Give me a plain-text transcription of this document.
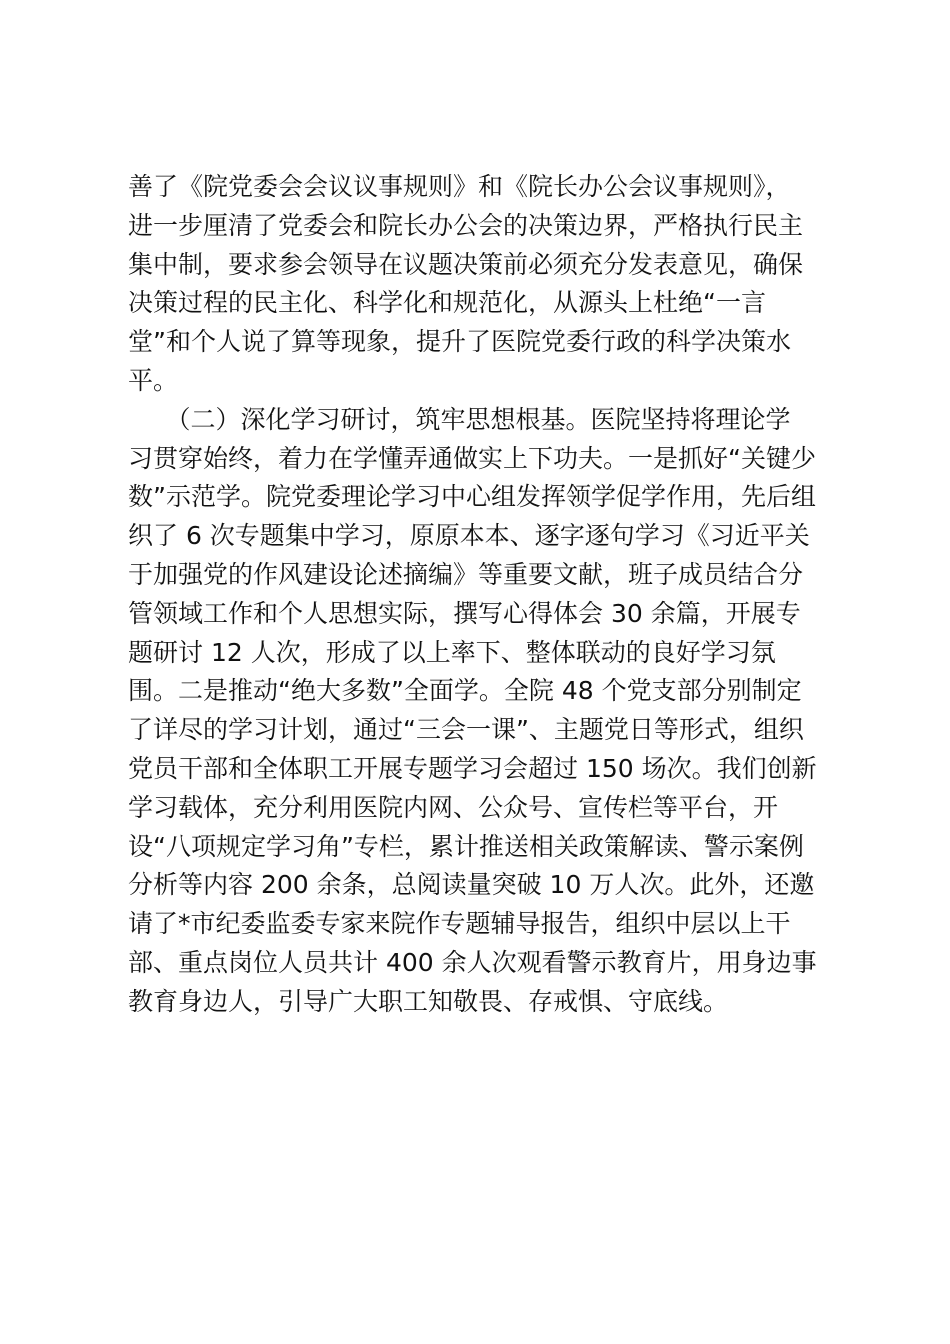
善了《院党委会会议议事规则》和《院长办公会议事规则》，
进一步厘清了党委会和院长办公会的决策边界，严格执行民主
集中制，要求参会领导在议题决策前必须充分发表意见，确保
决策过程的民主化、科学化和规范化，从源头上杜绝“一言
堂”和个人说了算等现象，提升了医院党委行政的科学决策水
平。
　　（二）深化学习研讨，筑牢思想根基。医院坚持将理论学
习贯穿始终，着力在学懂弄通做实上下功夫。一是抓好“关键少
数”示范学。院党委理论学习中心组发挥领学促学作用，先后组
织了 6 次专题集中学习，原原本本、逐字逐句学习《习近平关
于加强党的作风建设论述摘编》等重要文献，班子成员结合分
管领域工作和个人思想实际，撰写心得体会 30 余篇，开展专
题研讨 12 人次，形成了以上率下、整体联动的良好学习氛
围。二是推动“绝大多数”全面学。全院 48 个党支部分别制定
了详尽的学习计划，通过“三会一课”、主题党日等形式，组织
党员干部和全体职工开展专题学习会超过 150 场次。我们创新
学习载体，充分利用医院内网、公众号、宣传栏等平台，开
设“八项规定学习角”专栏，累计推送相关政策解读、警示案例
分析等内容 200 余条，总阅读量突破 10 万人次。此外，还邀
请了*市纪委监委专家来院作专题辅导报告，组织中层以上干
部、重点岗位人员共计 400 余人次观看警示教育片，用身边事
教育身边人，引导广大职工知敬畏、存戒惧、守底线。
